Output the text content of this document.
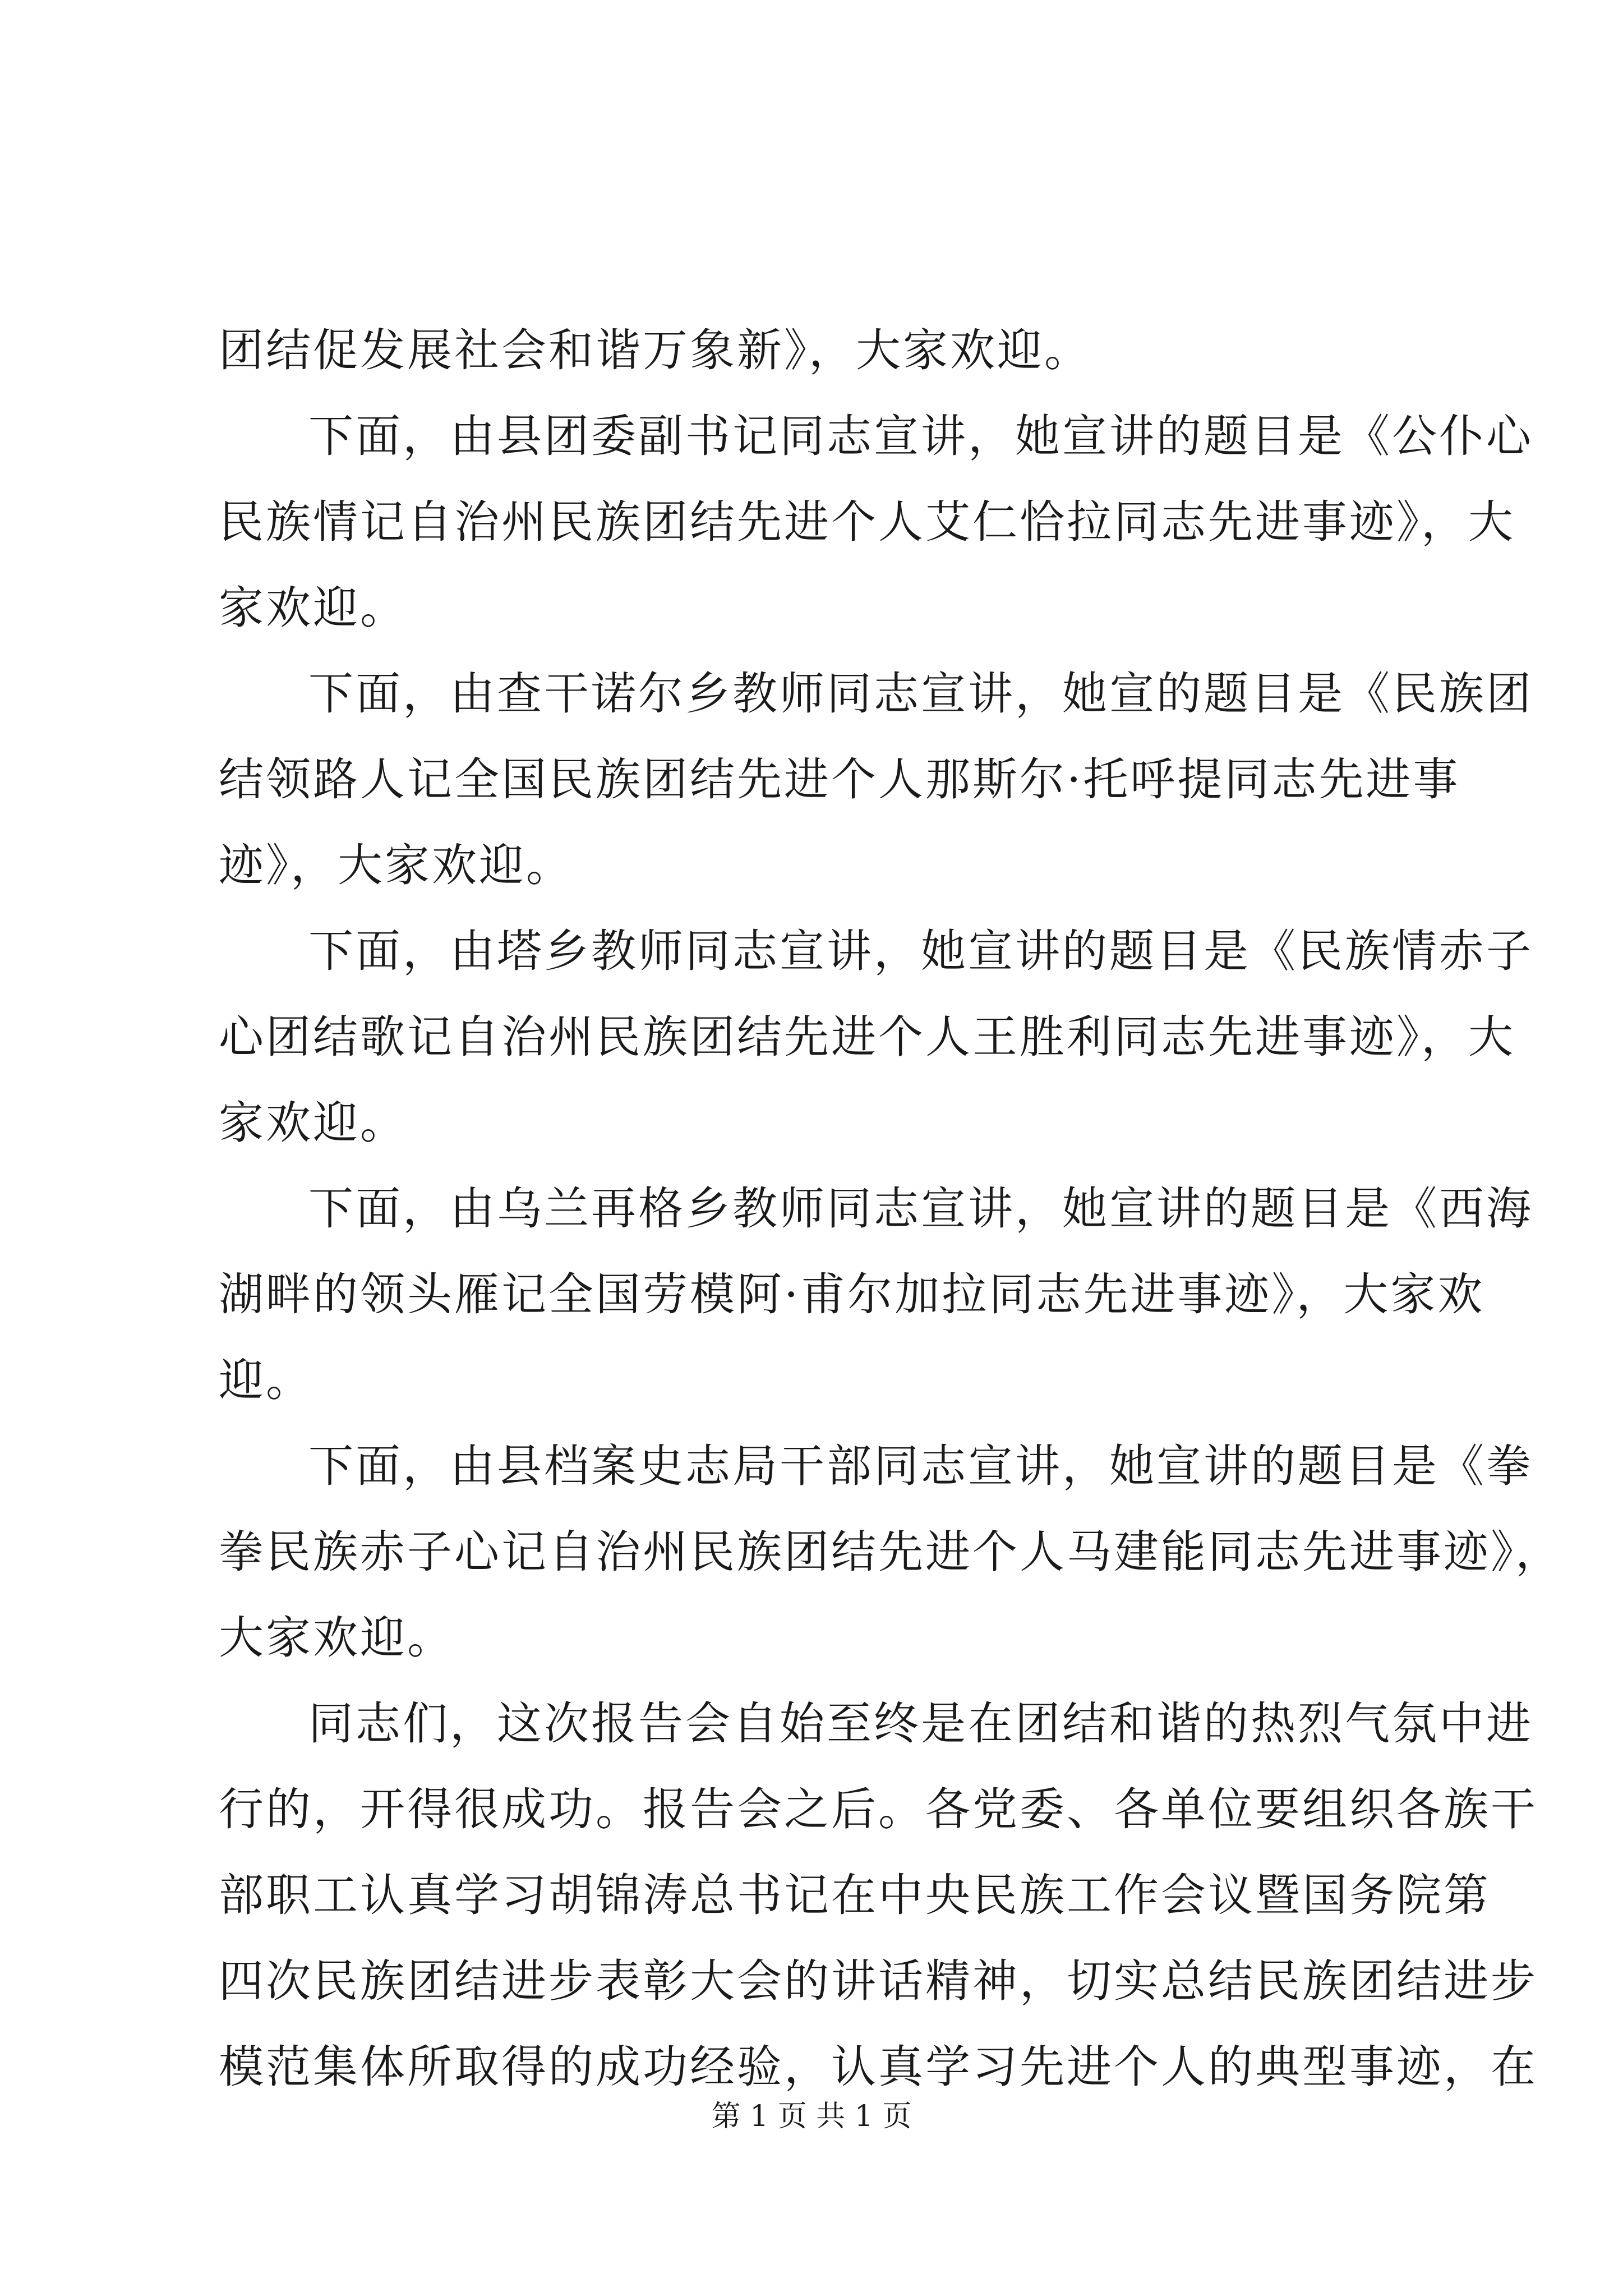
团结促发展社会和谐万象新》，大家欢迎。
下面，由县团委副书记同志宣讲，她宣讲的题目是《公仆心
民族情记自治州民族团结先进个人艾仁恰拉同志先进事迹》，大
家欢迎。
下面，由查干诺尔乡教师同志宣讲，她宣的题目是《民族团
结领路人记全国民族团结先进个人那斯尔·托呼提同志先进事
迹》，大家欢迎。
下面，由塔乡教师同志宣讲，她宣讲的题目是《民族情赤子
心团结歌记自治州民族团结先进个人王胜利同志先进事迹》，大
家欢迎。
下面，由乌兰再格乡教师同志宣讲，她宣讲的题目是《西海
湖畔的领头雁记全国劳模阿·甫尔加拉同志先进事迹》，大家欢
迎。
下面，由县档案史志局干部同志宣讲，她宣讲的题目是《拳
拳民族赤子心记自治州民族团结先进个人马建能同志先进事迹》，
大家欢迎。
同志们，这次报告会自始至终是在团结和谐的热烈气氛中进
行的，开得很成功。报告会之后。各党委、各单位要组织各族干
部职工认真学习胡锦涛总书记在中央民族工作会议暨国务院第
四次民族团结进步表彰大会的讲话精神，切实总结民族团结进步
模范集体所取得的成功经验，认真学习先进个人的典型事迹，在
第 1 页 共 1 页
